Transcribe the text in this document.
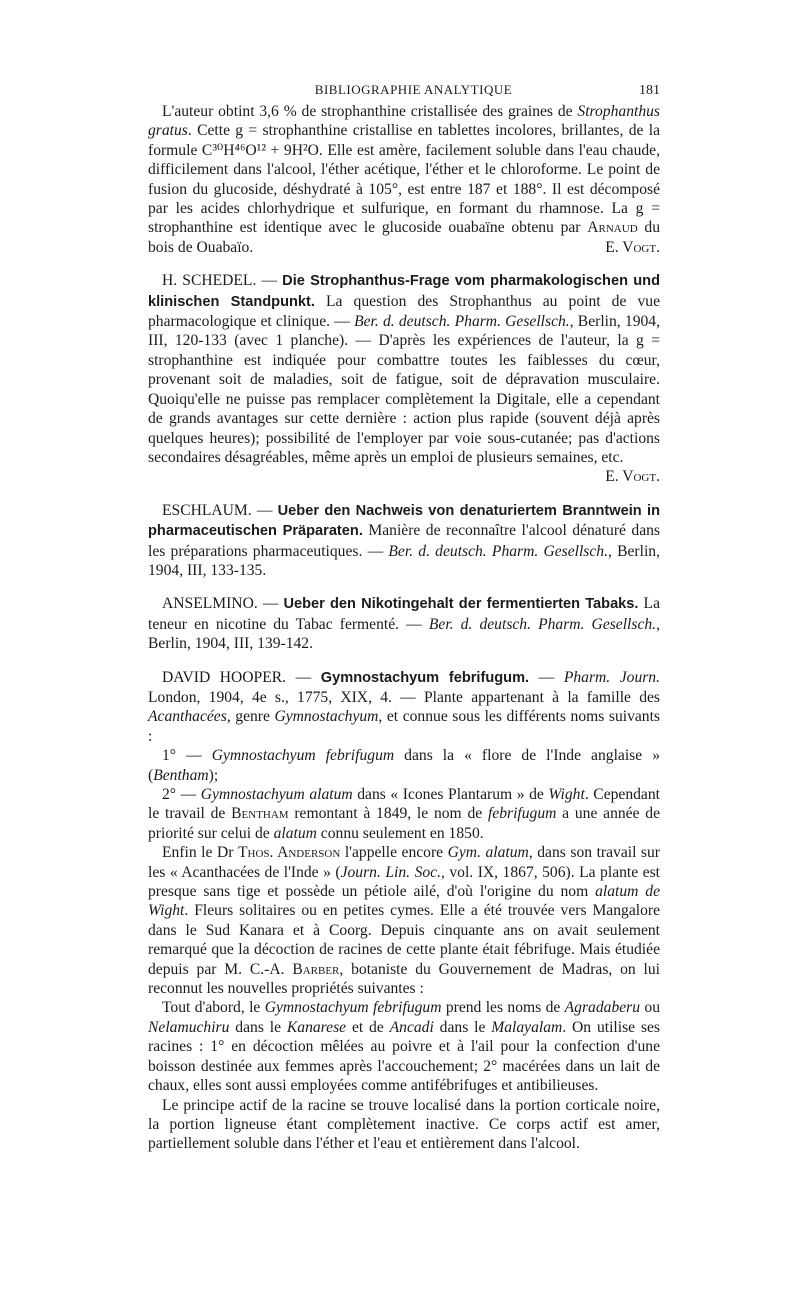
BIBLIOGRAPHIE ANALYTIQUE	181

L'auteur obtint 3,6 % de strophanthine cristallisée des graines de Strophanthus gratus. Cette g = strophanthine cristallise en tablettes incolores, brillantes, de la formule C³⁰H⁴⁶O¹² + 9H²O. Elle est amère, facilement soluble dans l'eau chaude, difficilement dans l'alcool, l'éther acétique, l'éther et le chloroforme. Le point de fusion du glucoside, déshydraté à 105°, est entre 187 et 188°. Il est décomposé par les acides chlorhydrique et sulfurique, en formant du rhamnose. La g = strophanthine est identique avec le glucoside ouabaïne obtenu par Arnaud du bois de Ouabaïo.	E. Vogt.

H. SCHEDEL. — Die Strophanthus-Frage vom pharmakologischen und klinischen Standpunkt. La question des Strophanthus au point de vue pharmacologique et clinique. — Ber. d. deutsch. Pharm. Gesellsch., Berlin, 1904, III, 120-133 (avec 1 planche). — D'après les expériences de l'auteur, la g = strophanthine est indiquée pour combattre toutes les faiblesses du cœur, provenant soit de maladies, soit de fatigue, soit de dépravation musculaire. Quoiqu'elle ne puisse pas remplacer complètement la Digitale, elle a cependant de grands avantages sur cette dernière : action plus rapide (souvent déjà après quelques heures); possibilité de l'employer par voie sous-cutanée; pas d'actions secondaires désagréables, même après un emploi de plusieurs semaines, etc.
E. Vogt.

ESCHLAUM. — Ueber den Nachweis von denaturiertem Branntwein in pharmaceutischen Präparaten. Manière de reconnaître l'alcool dénaturé dans les préparations pharmaceutiques. — Ber. d. deutsch. Pharm. Gesellsch., Berlin, 1904, III, 133-135.

ANSELMINO. — Ueber den Nikotingehalt der fermentierten Tabaks. La teneur en nicotine du Tabac fermenté. — Ber. d. deutsch. Pharm. Gesellsch., Berlin, 1904, III, 139-142.

DAVID HOOPER. — Gymnostachyum febrifugum. — Pharm. Journ. London, 1904, 4e s., 1775, XIX, 4. — Plante appartenant à la famille des Acanthacées, genre Gymnostachyum, et connue sous les différents noms suivants :

1° — Gymnostachyum febrifugum dans la « flore de l'Inde anglaise » (Bentham);

2° — Gymnostachyum alatum dans « Icones Plantarum » de Wight. Cependant le travail de Bentham remontant à 1849, le nom de febrifugum a une année de priorité sur celui de alatum connu seulement en 1850.

Enfin le Dr Thos. Anderson l'appelle encore Gym. alatum, dans son travail sur les « Acanthacées de l'Inde » (Journ. Lin. Soc., vol. IX, 1867, 506). La plante est presque sans tige et possède un pétiole ailé, d'où l'origine du nom alatum de Wight. Fleurs solitaires ou en petites cymes. Elle a été trouvée vers Mangalore dans le Sud Kanara et à Coorg. Depuis cinquante ans on avait seulement remarqué que la décoction de racines de cette plante était fébrifuge. Mais étudiée depuis par M. C.-A. Barber, botaniste du Gouvernement de Madras, on lui reconnut les nouvelles propriétés suivantes :

Tout d'abord, le Gymnostachyum febrifugum prend les noms de Agradaberu ou Nelamuchiru dans le Kanarese et de Ancadi dans le Malayalam. On utilise ses racines : 1° en décoction mêlées au poivre et à l'ail pour la confection d'une boisson destinée aux femmes après l'accouchement; 2° macérées dans un lait de chaux, elles sont aussi employées comme antifébrifuges et antibilieuses.

Le principe actif de la racine se trouve localisé dans la portion corticale noire, la portion ligneuse étant complètement inactive. Ce corps actif est amer, partiellement soluble dans l'éther et l'eau et entièrement dans l'alcool.
